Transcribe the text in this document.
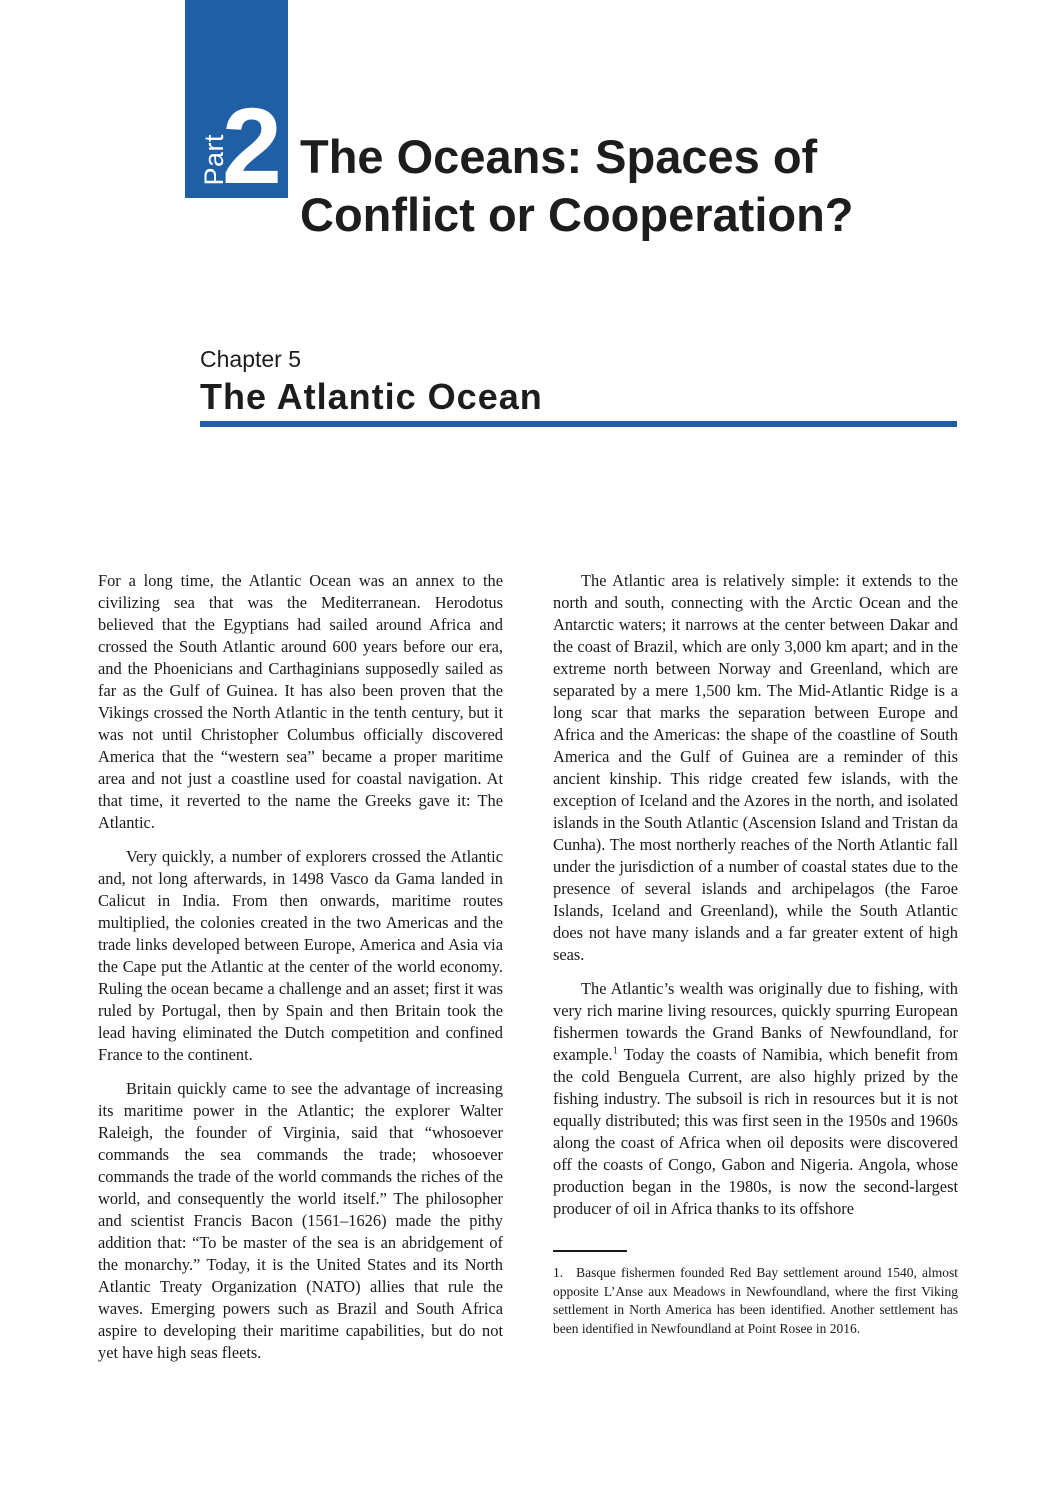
Part
2 The Oceans: Spaces of
Conflict or Cooperation?
Chapter 5
The Atlantic Ocean

For a long time, the Atlantic Ocean was an annex to the civilizing sea that was the Mediterranean. Herodotus believed that the Egyptians had sailed around Africa and crossed the South Atlantic around 600 years before our era, and the Phoenicians and Carthaginians supposedly sailed as far as the Gulf of Guinea. It has also been proven that the Vikings crossed the North Atlantic in the tenth century, but it was not until Christopher Columbus officially discovered America that the “western sea” became a proper maritime area and not just a coastline used for coastal navigation. At that time, it reverted to the name the Greeks gave it: The Atlantic.

Very quickly, a number of explorers crossed the Atlantic and, not long afterwards, in 1498 Vasco da Gama landed in Calicut in India. From then onwards, maritime routes multiplied, the colonies created in the two Americas and the trade links developed between Europe, America and Asia via the Cape put the Atlantic at the center of the world economy. Ruling the ocean became a challenge and an asset; first it was ruled by Portugal, then by Spain and then Britain took the lead having eliminated the Dutch competition and confined France to the continent.

Britain quickly came to see the advantage of increasing its maritime power in the Atlantic; the explorer Walter Raleigh, the founder of Virginia, said that “whosoever commands the sea commands the trade; whosoever commands the trade of the world commands the riches of the world, and consequently the world itself.” The philosopher and scientist Francis Bacon (1561–1626) made the pithy addition that: “To be master of the sea is an abridgement of the monarchy.” Today, it is the United States and its North Atlantic Treaty Organization (NATO) allies that rule the waves. Emerging powers such as Brazil and South Africa aspire to developing their maritime capabilities, but do not yet have high seas fleets.

The Atlantic area is relatively simple: it extends to the north and south, connecting with the Arctic Ocean and the Antarctic waters; it narrows at the center between Dakar and the coast of Brazil, which are only 3,000 km apart; and in the extreme north between Norway and Greenland, which are separated by a mere 1,500 km. The Mid-Atlantic Ridge is a long scar that marks the separation between Europe and Africa and the Americas: the shape of the coastline of South America and the Gulf of Guinea are a reminder of this ancient kinship. This ridge created few islands, with the exception of Iceland and the Azores in the north, and isolated islands in the South Atlantic (Ascension Island and Tristan da Cunha). The most northerly reaches of the North Atlantic fall under the jurisdiction of a number of coastal states due to the presence of several islands and archipelagos (the Faroe Islands, Iceland and Greenland), while the South Atlantic does not have many islands and a far greater extent of high seas.

The Atlantic’s wealth was originally due to fishing, with very rich marine living resources, quickly spurring European fishermen towards the Grand Banks of Newfoundland, for example.$^1$ Today the coasts of Namibia, which benefit from the cold Benguela Current, are also highly prized by the fishing industry. The subsoil is rich in resources but it is not equally distributed; this was first seen in the 1950s and 1960s along the coast of Africa when oil deposits were discovered off the coasts of Congo, Gabon and Nigeria. Angola, whose production began in the 1980s, is now the second-largest producer of oil in Africa thanks to its offshore

1. Basque fishermen founded Red Bay settlement around 1540, almost opposite L’Anse aux Meadows in Newfoundland, where the first Viking settlement in North America has been identified. Another settlement has been identified in Newfoundland at Point Rosee in 2016.
